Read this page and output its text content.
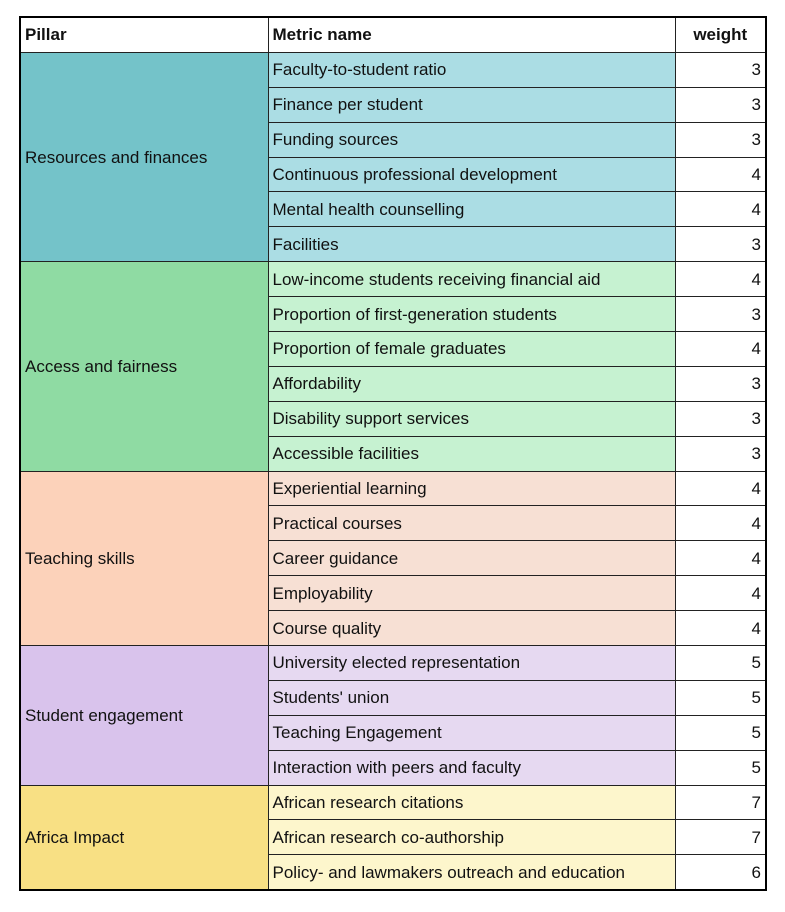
Pillar	Metric name	weight
Resources and finances	Faculty-to-student ratio	3
	Finance per student	3
	Funding sources	3
	Continuous professional development	4
	Mental health counselling	4
	Facilities	3
Access and fairness	Low-income students receiving financial aid	4
	Proportion of first-generation students	3
	Proportion of female graduates	4
	Affordability	3
	Disability support services	3
	Accessible facilities	3
Teaching skills	Experiential learning	4
	Practical courses	4
	Career guidance	4
	Employability	4
	Course quality	4
Student engagement	University elected representation	5
	Students' union	5
	Teaching Engagement	5
	Interaction with peers and faculty	5
Africa Impact	African research citations	7
	African research co-authorship	7
	Policy- and lawmakers outreach and education	6
